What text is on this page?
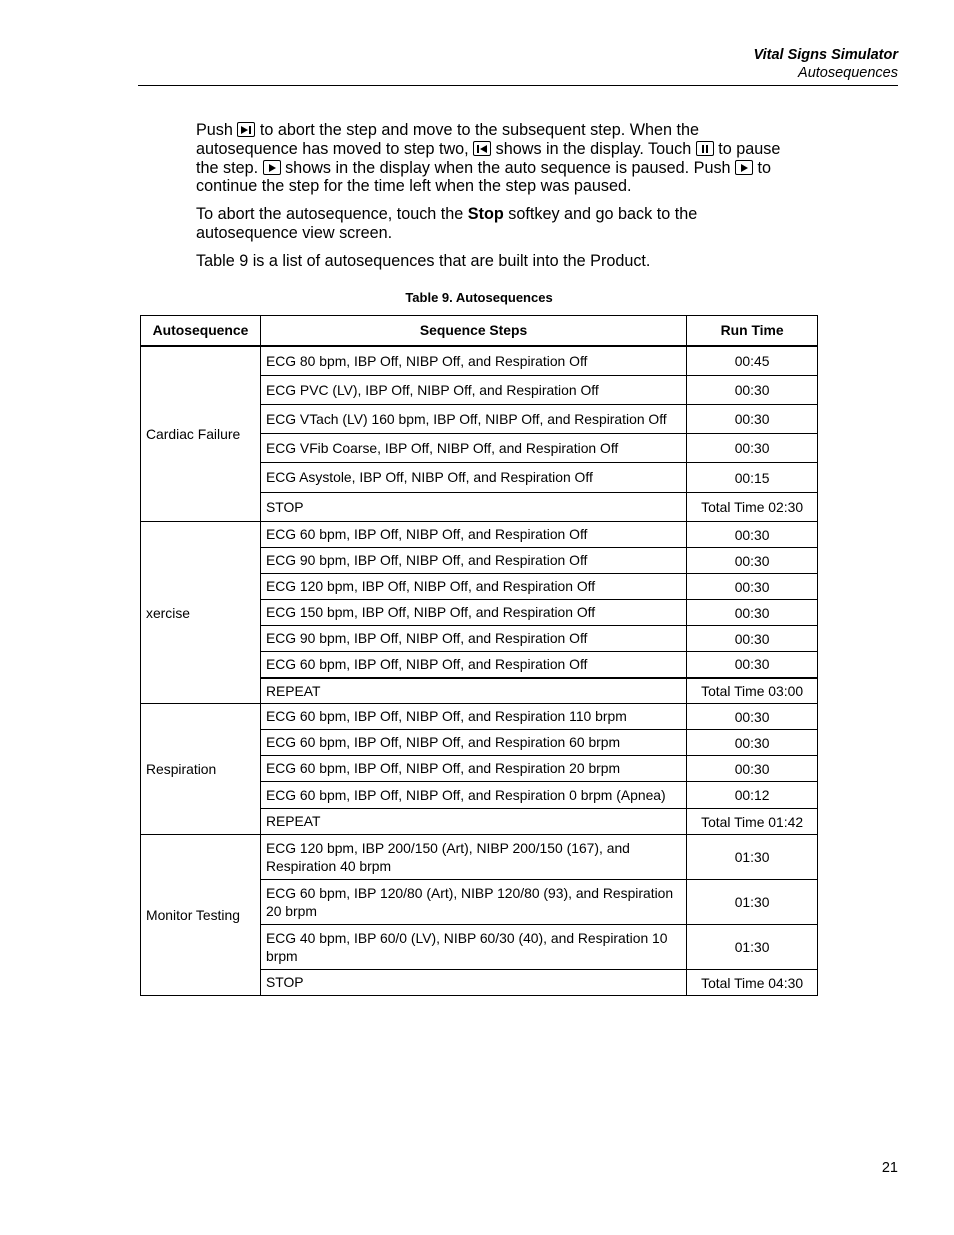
Vital Signs Simulator
Autosequences

Push
to abort the step and move to the subsequent step. When the autosequence has moved to step two,
shows in the display. Touch
to pause the step.
shows in the display when the auto sequence is paused. Push
to continue the step for the time left when the step was paused.

To abort the autosequence, touch the Stop softkey and go back to the autosequence view screen.

Table 9 is a list of autosequences that are built into the Product.

Table 9. Autosequences
Autosequence	Sequence Steps	Run Time
Cardiac Failure	ECG 80 bpm, IBP Off, NIBP Off, and Respiration Off	00:45
	ECG PVC (LV), IBP Off, NIBP Off, and Respiration Off	00:30
	ECG VTach (LV) 160 bpm, IBP Off, NIBP Off, and Respiration Off	00:30
	ECG VFib Coarse, IBP Off, NIBP Off, and Respiration Off	00:30
	ECG Asystole, IBP Off, NIBP Off, and Respiration Off	00:15
	STOP	Total Time 02:30
xercise	ECG 60 bpm, IBP Off, NIBP Off, and Respiration Off	00:30
	ECG 90 bpm, IBP Off, NIBP Off, and Respiration Off	00:30
	ECG 120 bpm, IBP Off, NIBP Off, and Respiration Off	00:30
	ECG 150 bpm, IBP Off, NIBP Off, and Respiration Off	00:30
	ECG 90 bpm, IBP Off, NIBP Off, and Respiration Off	00:30
	ECG 60 bpm, IBP Off, NIBP Off, and Respiration Off	00:30
	REPEAT	Total Time 03:00
Respiration	ECG 60 bpm, IBP Off, NIBP Off, and Respiration 110 brpm	00:30
	ECG 60 bpm, IBP Off, NIBP Off, and Respiration 60 brpm	00:30
	ECG 60 bpm, IBP Off, NIBP Off, and Respiration 20 brpm	00:30
	ECG 60 bpm, IBP Off, NIBP Off, and Respiration 0 brpm (Apnea)	00:12
	REPEAT	Total Time 01:42
Monitor Testing	ECG 120 bpm, IBP 200/150 (Art), NIBP 200/150 (167), and Respiration 40 brpm	01:30
	ECG 60 bpm, IBP 120/80 (Art), NIBP 120/80 (93), and Respiration 20 brpm	01:30
	ECG 40 bpm, IBP 60/0 (LV), NIBP 60/30 (40), and Respiration 10 brpm	01:30
	STOP	Total Time 04:30
21
